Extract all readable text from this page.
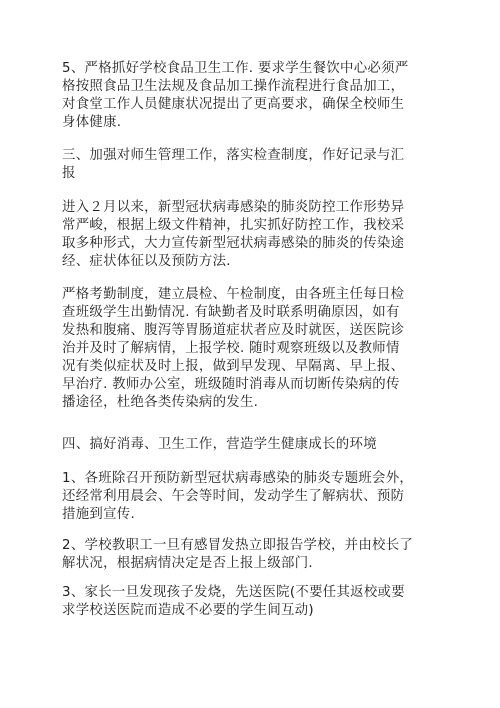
5、严格抓好学校食品卫生工作. 要求学生餐饮中心必须严
格按照食品卫生法规及食品加工操作流程进行食品加工，
对食堂工作人员健康状况提出了更高要求，确保全校师生
身体健康.
三、加强对师生管理工作，落实检查制度，作好记录与汇
报
进入２月以来，新型冠状病毒感染的肺炎防控工作形势异
常严峻，根据上级文件精神，扎实抓好防控工作，我校采
取多种形式，大力宣传新型冠状病毒感染的肺炎的传染途
经、症状体征以及预防方法.
严格考勤制度，建立晨检、午检制度，由各班主任每日检
查班级学生出勤情况. 有缺勤者及时联系明确原因，如有
发热和腹痛、腹泻等胃肠道症状者应及时就医，送医院诊
治并及时了解病情，上报学校. 随时观察班级以及教师情
况有类似症状及时上报，做到早发现、早隔离、早上报、
早治疗. 教师办公室，班级随时消毒从而切断传染病的传
播途径，杜绝各类传染病的发生.
四、搞好消毒、卫生工作，营造学生健康成长的环境
1、各班除召开预防新型冠状病毒感染的肺炎专题班会外，
还经常利用晨会、午会等时间，发动学生了解病状、预防
措施到宣传.
2、学校教职工一旦有感冒发热立即报告学校，并由校长了
解状况，根据病情决定是否上报上级部门.
3、家长一旦发现孩子发烧，先送医院(不要任其返校或要
求学校送医院而造成不必要的学生间互动)
